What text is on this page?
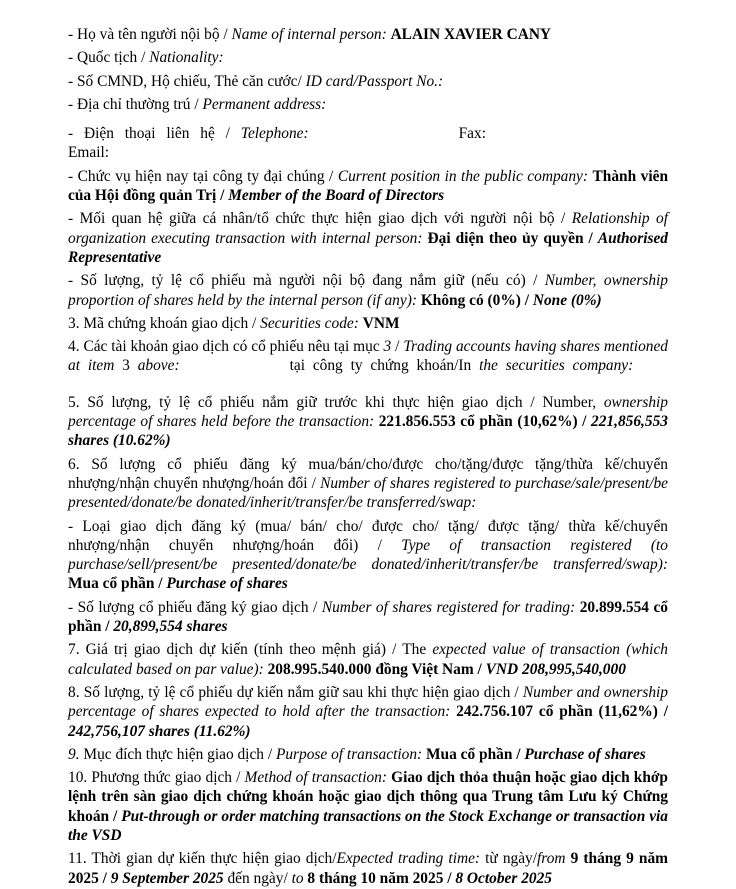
- Họ và tên người nội bộ / Name of internal person: ALAIN XAVIER CANY

- Quốc tịch / Nationality:

- Số CMND, Hộ chiếu, Thẻ căn cước/ ID card/Passport No.:

- Địa chỉ thường trú / Permanent address:

- Điện thoại liên hệ / Telephone:	Fax:
Email:

- Chức vụ hiện nay tại công ty đại chúng / Current position in the public company: Thành viên của Hội đồng quản Trị / Member of the Board of Directors

- Mối quan hệ giữa cá nhân/tổ chức thực hiện giao dịch với người nội bộ / Relationship of organization executing transaction with internal person: Đại diện theo ủy quyền / Authorised Representative

- Số lượng, tỷ lệ cổ phiếu mà người nội bộ đang nắm giữ (nếu có) / Number, ownership proportion of shares held by the internal person (if any): Không có (0%) / None (0%)

3. Mã chứng khoán giao dịch / Securities code: VNM

4. Các tài khoản giao dịch có cổ phiếu nêu tại mục 3 / Trading accounts having shares mentioned at item 3 above:	tại công ty chứng khoán/In the securities company:

5. Số lượng, tỷ lệ cổ phiếu nắm giữ trước khi thực hiện giao dịch / Number, ownership percentage of shares held before the transaction: 221.856.553 cổ phần (10,62%) / 221,856,553 shares (10.62%)

6. Số lượng cổ phiếu đăng ký mua/bán/cho/được cho/tặng/được tặng/thừa kế/chuyển nhượng/nhận chuyển nhượng/hoán đổi / Number of shares registered to purchase/sale/present/be presented/donate/be donated/inherit/transfer/be transferred/swap:

- Loại giao dịch đăng ký (mua/ bán/ cho/ được cho/ tặng/ được tặng/ thừa kế/chuyển nhượng/nhận chuyển nhượng/hoán đổi) / Type of transaction registered (to purchase/sell/present/be presented/donate/be donated/inherit/transfer/be transferred/swap): Mua cổ phần / Purchase of shares

- Số lượng cổ phiếu đăng ký giao dịch / Number of shares registered for trading: 20.899.554 cổ phần / 20,899,554 shares

7. Giá trị giao dịch dự kiến (tính theo mệnh giá) / The expected value of transaction (which calculated based on par value): 208.995.540.000 đồng Việt Nam / VND 208,995,540,000

8. Số lượng, tỷ lệ cổ phiếu dự kiến nắm giữ sau khi thực hiện giao dịch / Number and ownership percentage of shares expected to hold after the transaction: 242.756.107 cổ phần (11,62%) / 242,756,107 shares (11.62%)

9. Mục đích thực hiện giao dịch / Purpose of transaction: Mua cổ phần / Purchase of shares

10. Phương thức giao dịch / Method of transaction: Giao dịch thỏa thuận hoặc giao dịch khớp lệnh trên sàn giao dịch chứng khoán hoặc giao dịch thông qua Trung tâm Lưu ký Chứng khoán / Put-through or order matching transactions on the Stock Exchange or transaction via the VSD

11. Thời gian dự kiến thực hiện giao dịch/Expected trading time: từ ngày/from 9 tháng 9 năm 2025 / 9 September 2025 đến ngày/ to 8 tháng 10 năm 2025 / 8 October 2025
